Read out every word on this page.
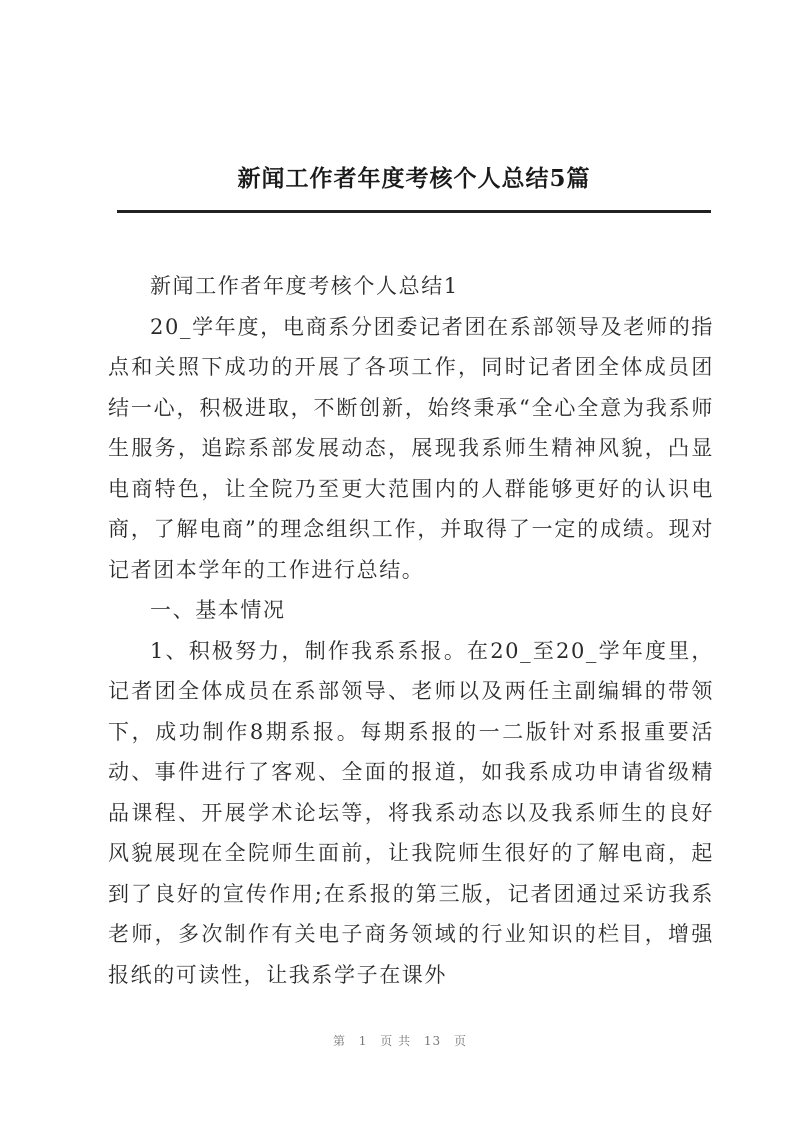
新闻工作者年度考核个人总结5篇

新闻工作者年度考核个人总结1

20_学年度，电商系分团委记者团在系部领导及老师的指点和关照下成功的开展了各项工作，同时记者团全体成员团结一心，积极进取，不断创新，始终秉承“全心全意为我系师生服务，追踪系部发展动态，展现我系师生精神风貌，凸显电商特色，让全院乃至更大范围内的人群能够更好的认识电商，了解电商”的理念组织工作，并取得了一定的成绩。现对记者团本学年的工作进行总结。

一、基本情况

1、积极努力，制作我系系报。在20_至20_学年度里，记者团全体成员在系部领导、老师以及两任主副编辑的带领下，成功制作8期系报。每期系报的一二版针对系报重要活动、事件进行了客观、全面的报道，如我系成功申请省级精品课程、开展学术论坛等，将我系动态以及我系师生的良好风貌展现在全院师生面前，让我院师生很好的了解电商，起到了良好的宣传作用;在系报的第三版，记者团通过采访我系老师，多次制作有关电子商务领域的行业知识的栏目，增强报纸的可读性，让我系学子在课外

第 1 页 共 13 页
